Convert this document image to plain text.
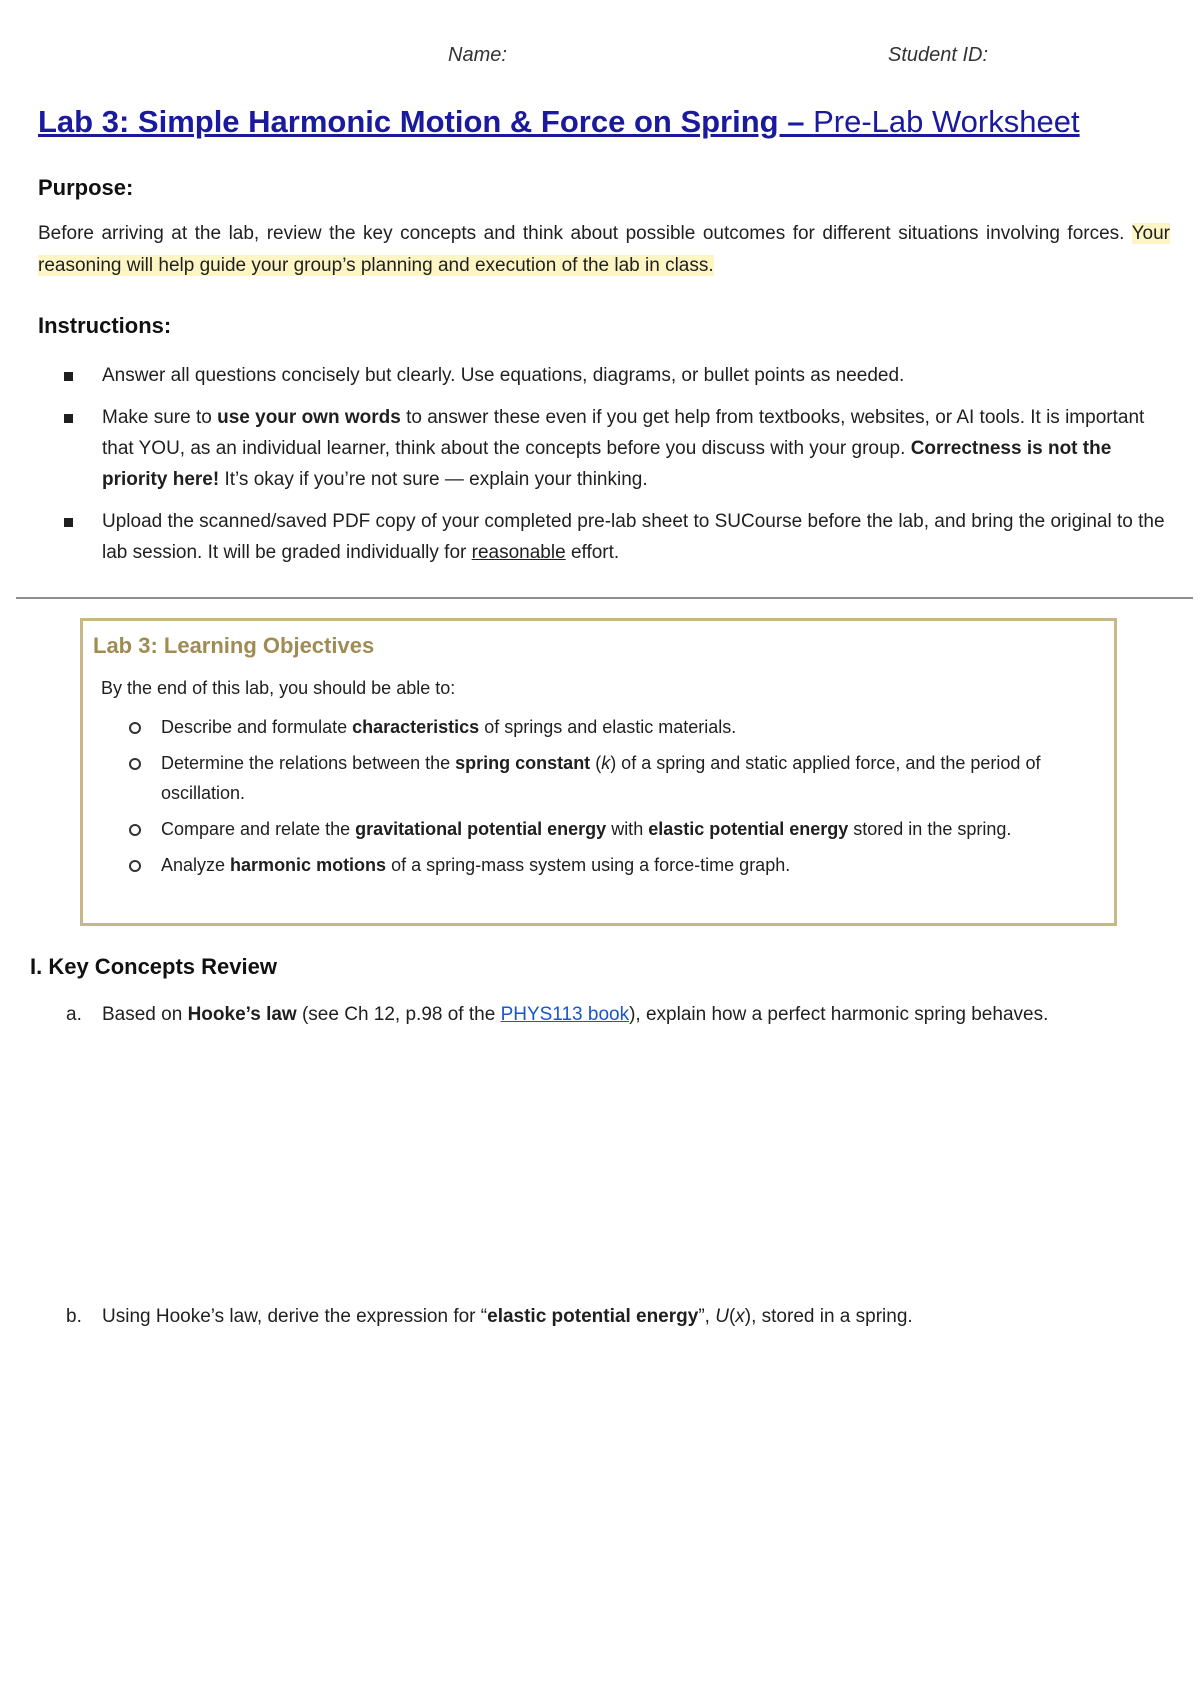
Name:	Student ID:
Lab 3: Simple Harmonic Motion & Force on Spring – Pre-Lab Worksheet
Purpose:
Before arriving at the lab, review the key concepts and think about possible outcomes for different situations involving forces. Your reasoning will help guide your group’s planning and execution of the lab in class.
Instructions:
Answer all questions concisely but clearly. Use equations, diagrams, or bullet points as needed.
Make sure to use your own words to answer these even if you get help from textbooks, websites, or AI tools. It is important that YOU, as an individual learner, think about the concepts before you discuss with your group. Correctness is not the priority here! It’s okay if you’re not sure — explain your thinking.
Upload the scanned/saved PDF copy of your completed pre-lab sheet to SUCourse before the lab, and bring the original to the lab session. It will be graded individually for reasonable effort.
Lab 3: Learning Objectives
By the end of this lab, you should be able to:
Describe and formulate characteristics of springs and elastic materials.
Determine the relations between the spring constant (k) of a spring and static applied force, and the period of oscillation.
Compare and relate the gravitational potential energy with elastic potential energy stored in the spring.
Analyze harmonic motions of a spring-mass system using a force-time graph.
I. Key Concepts Review
a. Based on Hooke’s law (see Ch 12, p.98 of the PHYS113 book), explain how a perfect harmonic spring behaves.
b. Using Hooke’s law, derive the expression for “elastic potential energy”, U(x), stored in a spring.
